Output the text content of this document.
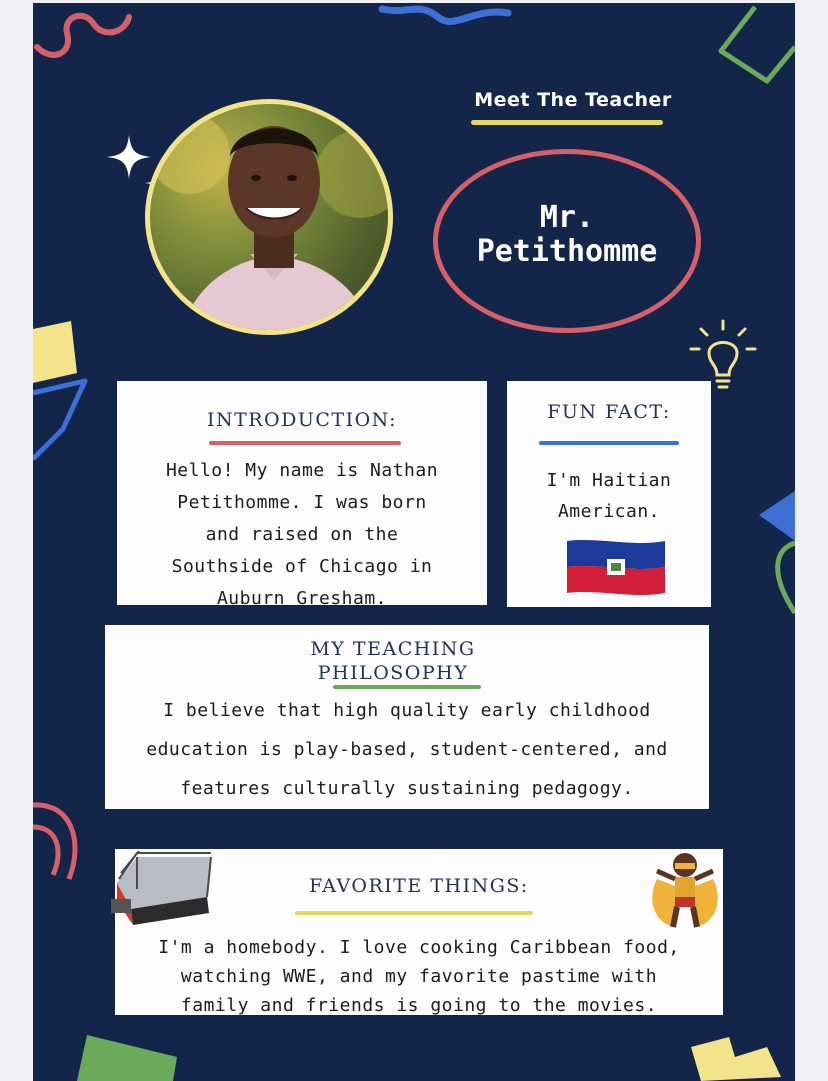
Meet The Teacher
Mr.
Petithomme
INTRODUCTION:
Hello! My name is Nathan
Petithomme. I was born
and raised on the
Southside of Chicago in
Auburn Gresham.
FUN FACT:
I'm Haitian
American.
MY TEACHING
PHILOSOPHY
I believe that high quality early childhood
education is play-based, student-centered, and
features culturally sustaining pedagogy.
FAVORITE THINGS:
I'm a homebody. I love cooking Caribbean food,
watching WWE, and my favorite pastime with
family and friends is going to the movies.
